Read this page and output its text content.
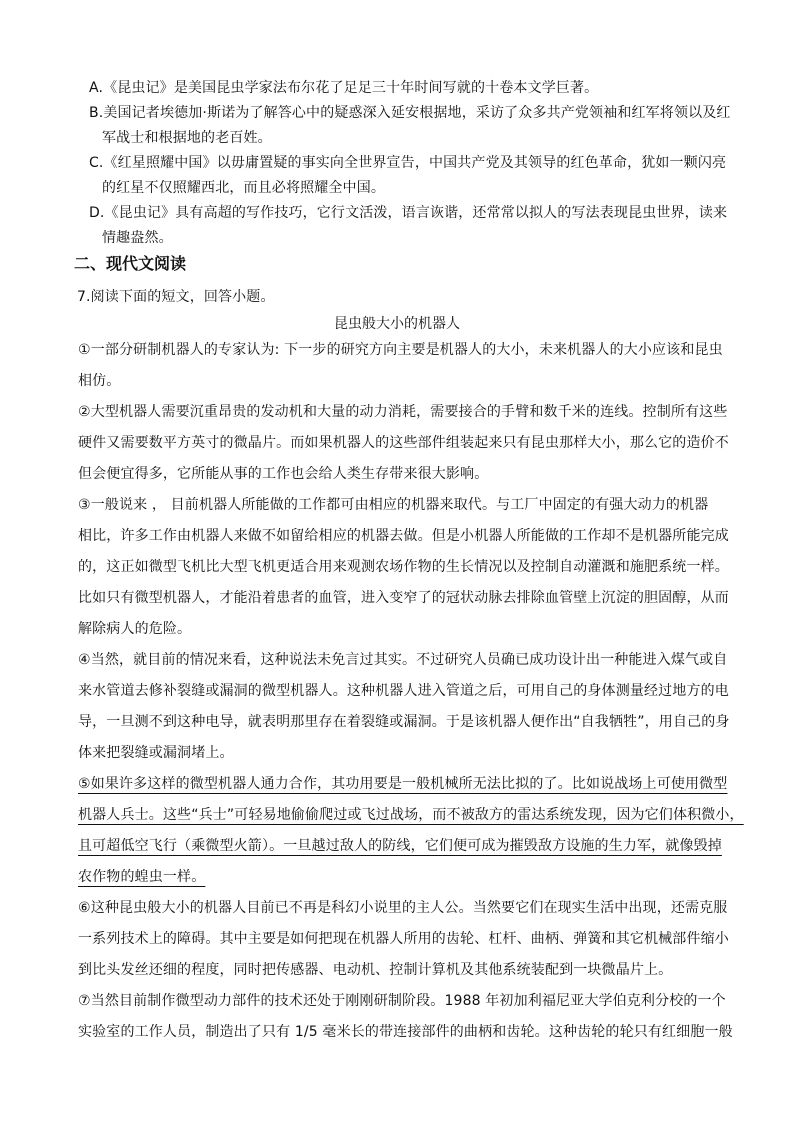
A.《昆虫记》是美国昆虫学家法布尔花了足足三十年时间写就的十卷本文学巨著。
B.美国记者埃德加·斯诺为了解答心中的疑惑深入延安根据地，采访了众多共产党领袖和红军将领以及红
军战士和根据地的老百姓。
C.《红星照耀中国》以毋庸置疑的事实向全世界宣告，中国共产党及其领导的红色革命，犹如一颗闪亮
的红星不仅照耀西北，而且必将照耀全中国。
D.《昆虫记》具有高超的写作技巧，它行文活泼，语言诙谐，还常常以拟人的写法表现昆虫世界，读来
情趣盎然。
二、现代文阅读
7.阅读下面的短文，回答小题。
昆虫般大小的机器人
①一部分研制机器人的专家认为: 下一步的研究方向主要是机器人的大小，未来机器人的大小应该和昆虫
相仿。
②大型机器人需要沉重昂贵的发动机和大量的动力消耗，需要接合的手臂和数千米的连线。控制所有这些
硬件又需要数平方英寸的微晶片。而如果机器人的这些部件组装起来只有昆虫那样大小，那么它的造价不
但会便宜得多，它所能从事的工作也会给人类生存带来很大影响。
③一般说来 ， 目前机器人所能做的工作都可由相应的机器来取代。与工厂中固定的有强大动力的机器
相比，许多工作由机器人来做不如留给相应的机器去做。但是小机器人所能做的工作却不是机器所能完成
的，这正如微型飞机比大型飞机更适合用来观测农场作物的生长情况以及控制自动灌溉和施肥系统一样。
比如只有微型机器人，才能沿着患者的血管，进入变窄了的冠状动脉去排除血管壁上沉淀的胆固醇，从而
解除病人的危险。
④当然，就目前的情况来看，这种说法未免言过其实。不过研究人员确已成功设计出一种能进入煤气或自
来水管道去修补裂缝或漏洞的微型机器人。这种机器人进入管道之后，可用自己的身体测量经过地方的电
导，一旦测不到这种电导，就表明那里存在着裂缝或漏洞。于是该机器人便作出“自我牺牲”，用自己的身
体来把裂缝或漏洞堵上。
⑤如果许多这样的微型机器人通力合作，其功用要是一般机械所无法比拟的了。比如说战场上可使用微型
机器人兵士。这些“兵士”可轻易地偷偷爬过或飞过战场，而不被敌方的雷达系统发现，因为它们体积微小，
且可超低空飞行（乘微型火箭）。一旦越过敌人的防线，它们便可成为摧毁敌方设施的生力军，就像毁掉
农作物的蝗虫一样。
⑥这种昆虫般大小的机器人目前已不再是科幻小说里的主人公。当然要它们在现实生活中出现，还需克服
一系列技术上的障碍。其中主要是如何把现在机器人所用的齿轮、杠杆、曲柄、弹簧和其它机械部件缩小
到比头发丝还细的程度，同时把传感器、电动机、控制计算机及其他系统装配到一块微晶片上。
⑦当然目前制作微型动力部件的技术还处于刚刚研制阶段。1988 年初加利福尼亚大学伯克利分校的一个
实验室的工作人员，制造出了只有 1/5 毫米长的带连接部件的曲柄和齿轮。这种齿轮的轮只有红细胞一般
